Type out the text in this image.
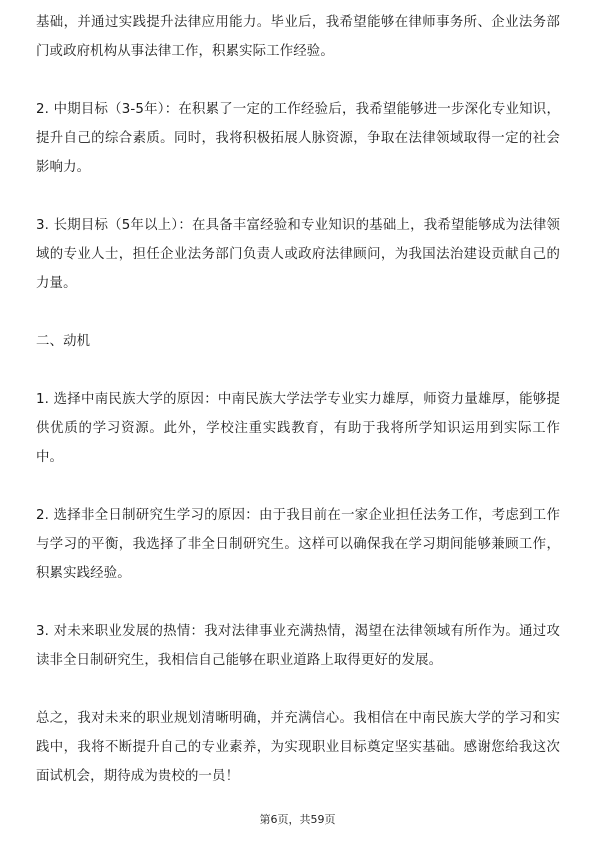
基础，并通过实践提升法律应用能力。毕业后，我希望能够在律师事务所、企业法务部门或政府机构从事法律工作，积累实际工作经验。

2. 中期目标（3-5年）：在积累了一定的工作经验后，我希望能够进一步深化专业知识，提升自己的综合素质。同时，我将积极拓展人脉资源，争取在法律领域取得一定的社会影响力。

3. 长期目标（5年以上）：在具备丰富经验和专业知识的基础上，我希望能够成为法律领域的专业人士，担任企业法务部门负责人或政府法律顾问，为我国法治建设贡献自己的力量。

二、动机

1. 选择中南民族大学的原因：中南民族大学法学专业实力雄厚，师资力量雄厚，能够提供优质的学习资源。此外，学校注重实践教育，有助于我将所学知识运用到实际工作中。

2. 选择非全日制研究生学习的原因：由于我目前在一家企业担任法务工作，考虑到工作与学习的平衡，我选择了非全日制研究生。这样可以确保我在学习期间能够兼顾工作，积累实践经验。

3. 对未来职业发展的热情：我对法律事业充满热情，渴望在法律领域有所作为。通过攻读非全日制研究生，我相信自己能够在职业道路上取得更好的发展。

总之，我对未来的职业规划清晰明确，并充满信心。我相信在中南民族大学的学习和实践中，我将不断提升自己的专业素养，为实现职业目标奠定坚实基础。感谢您给我这次面试机会，期待成为贵校的一员！

第6页，共59页
